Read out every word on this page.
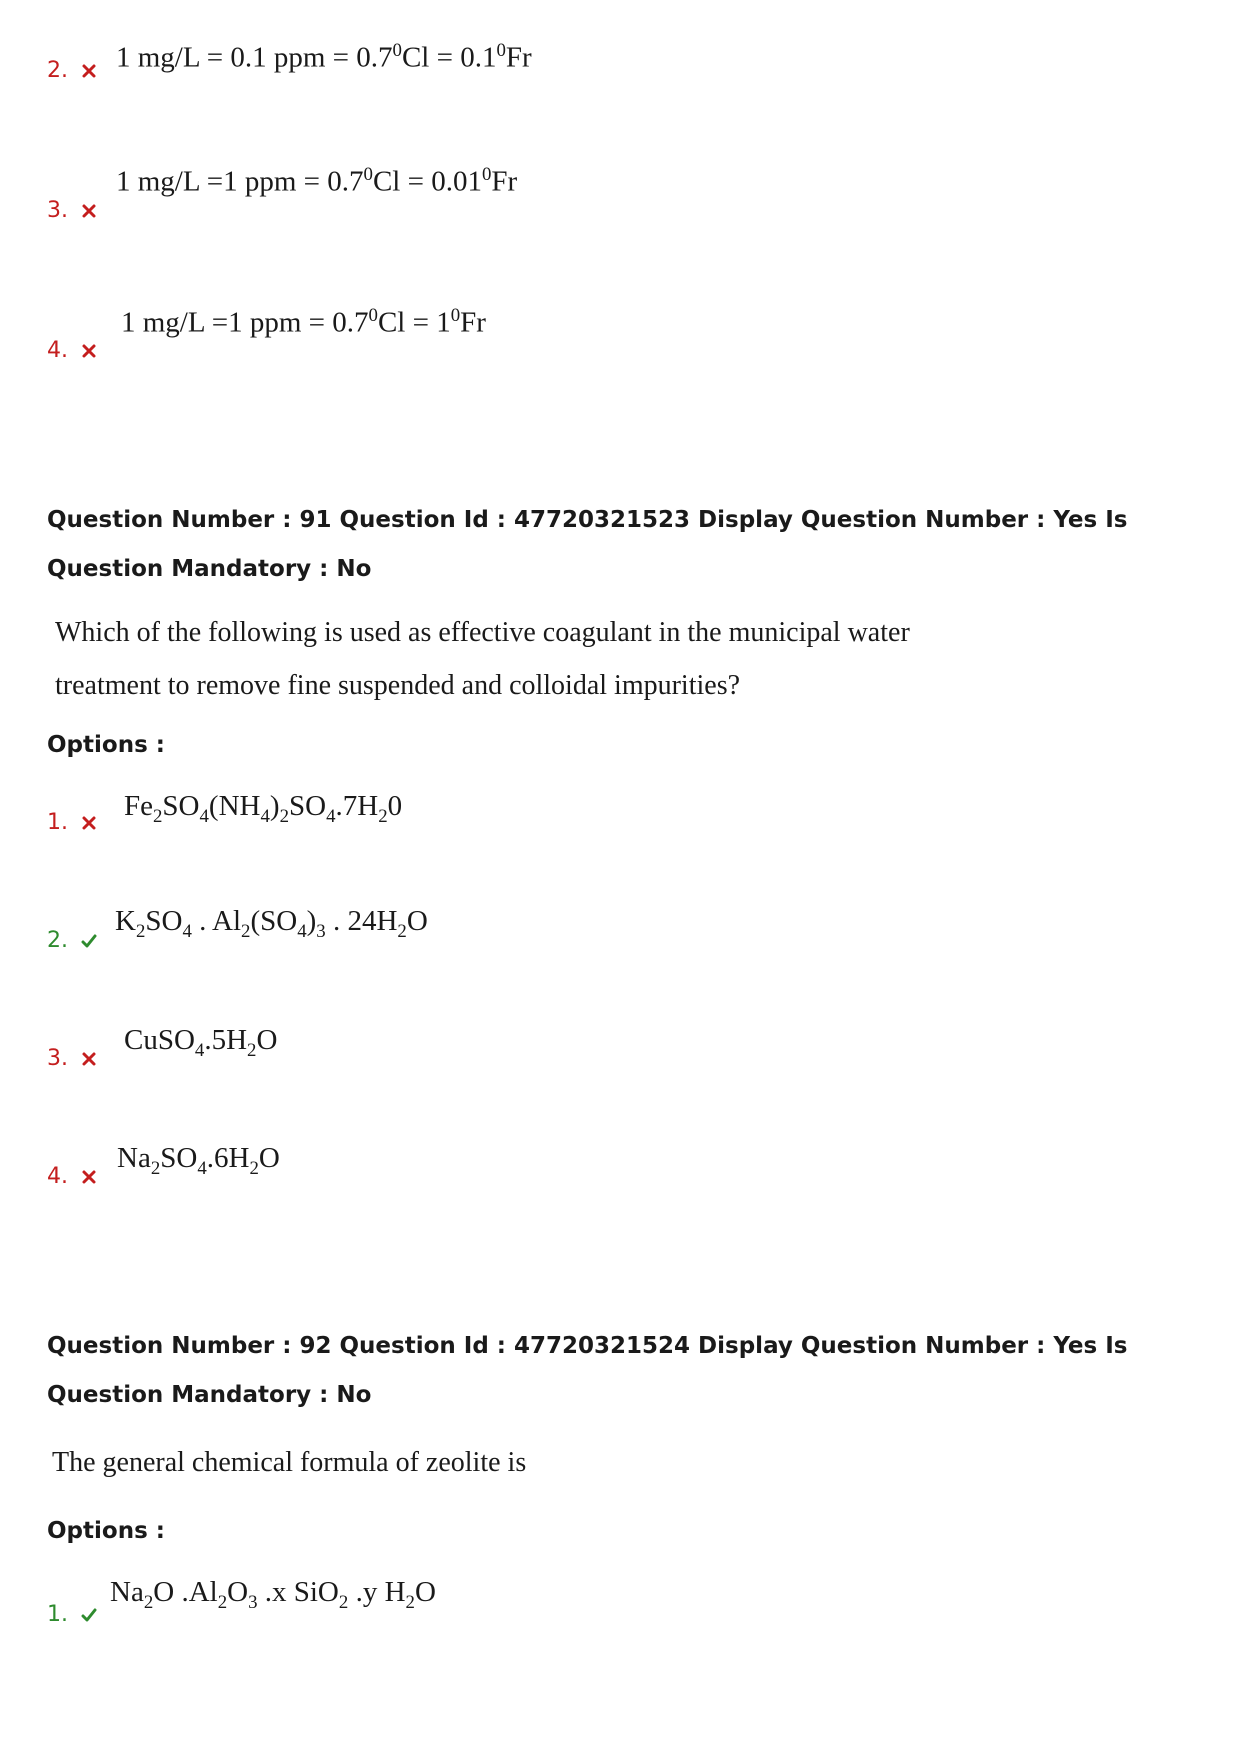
2. 1 mg/L = 0.1 ppm = $0.7^0Cl = 0.1^0Fr$
3.
1 mg/L =1 ppm = $0.7^0Cl = 0.01^0Fr$
4.
1 mg/L =1 ppm = $0.7^0Cl = 1^0Fr$
Question Number : 91 Question Id : 47720321523 Display Question Number : Yes Is Question Mandatory : No
Which of the following is used as effective coagulant in the municipal water
treatment to remove fine suspended and colloidal impurities?
Options :
1.
$Fe_2SO_4(NH_4)_2SO_4.7H_20$
2.
$K_2SO_4$ . $Al_2(SO_4)_3$ . $24H_2O$
3.
$CuSO_4.5H_2O$
4.
$Na_2SO_4.6H_2O$
Question Number : 92 Question Id : 47720321524 Display Question Number : Yes Is Question Mandatory : No
The general chemical formula of zeolite is
Options :
1.
$Na_2O$ $.Al_2O_3$ .x SiO$_2$ .y $H_2O$
